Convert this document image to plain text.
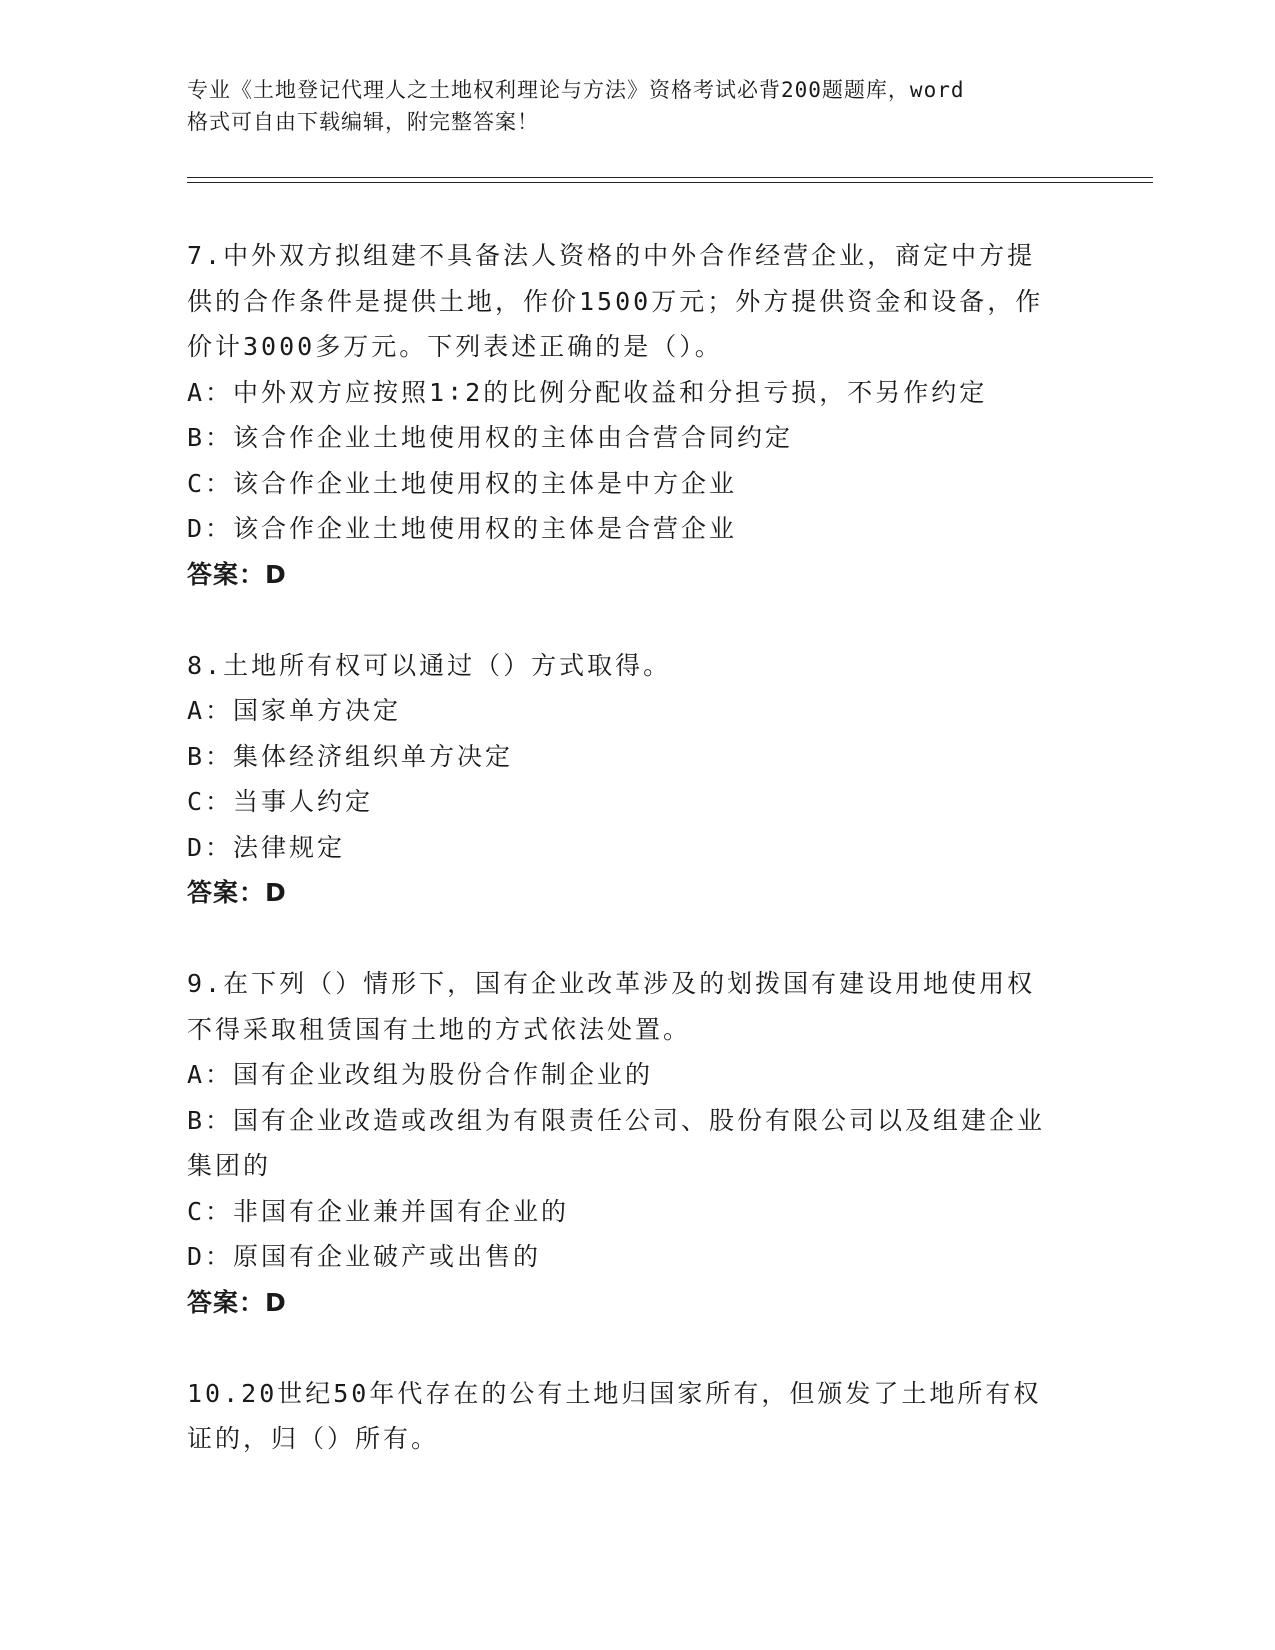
专业《土地登记代理人之土地权利理论与方法》资格考试必背200题题库，word
格式可自由下载编辑，附完整答案！
7.中外双方拟组建不具备法人资格的中外合作经营企业，商定中方提
供的合作条件是提供土地，作价1500万元；外方提供资金和设备，作
价计3000多万元。下列表述正确的是（）。
A：中外双方应按照1∶2的比例分配收益和分担亏损，不另作约定
B：该合作企业土地使用权的主体由合营合同约定
C：该合作企业土地使用权的主体是中方企业
D：该合作企业土地使用权的主体是合营企业
答案：D
8.土地所有权可以通过（）方式取得。
A：国家单方决定
B：集体经济组织单方决定
C：当事人约定
D：法律规定
答案：D
9.在下列（）情形下，国有企业改革涉及的划拨国有建设用地使用权
不得采取租赁国有土地的方式依法处置。
A：国有企业改组为股份合作制企业的
B：国有企业改造或改组为有限责任公司、股份有限公司以及组建企业
集团的
C：非国有企业兼并国有企业的
D：原国有企业破产或出售的
答案：D
10.20世纪50年代存在的公有土地归国家所有，但颁发了土地所有权
证的，归（）所有。
